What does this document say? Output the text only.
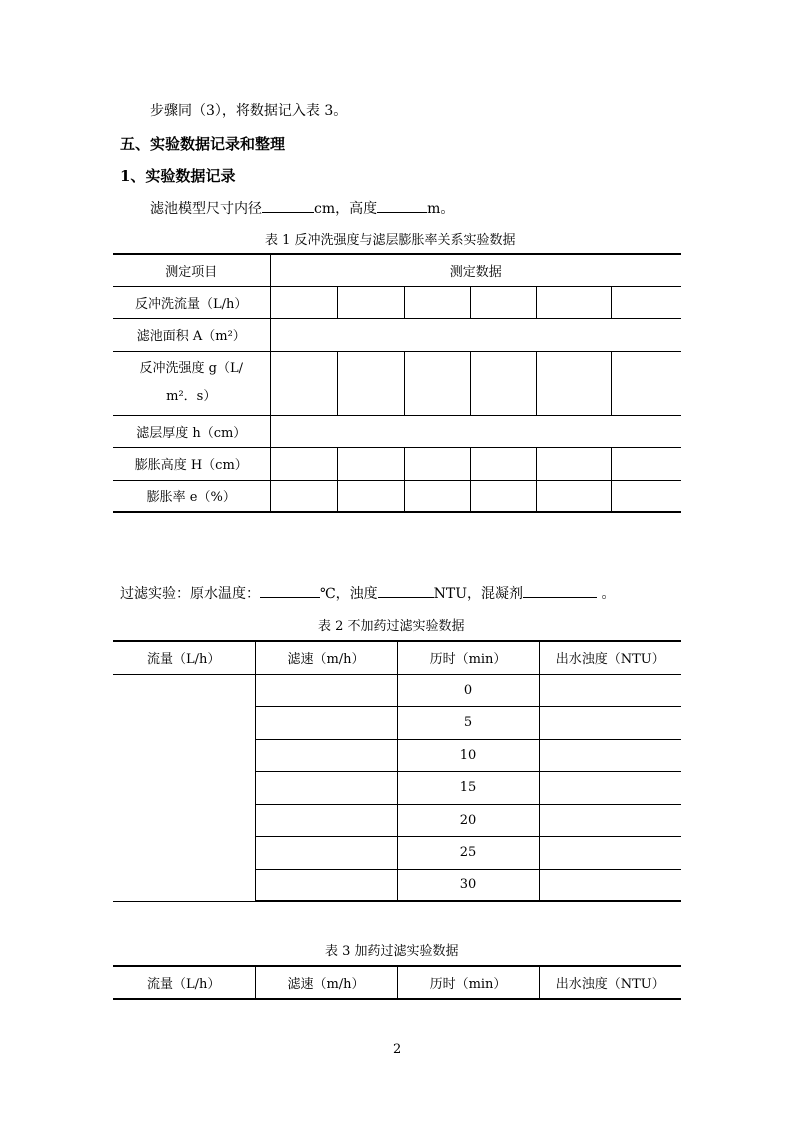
步骤同（3），将数据记入表 3。
五、实验数据记录和整理
1、实验数据记录
滤池模型尺寸内径	cm，高度	m。
表 1 反冲洗强度与滤层膨胀率关系实验数据
测定项目	测定数据					
反冲洗流量（L/h）						
滤池面积 A（m²）						

反冲洗强度 g（L/
m²．s）						

滤层厚度 h（cm）						
膨胀高度 H（cm）						
膨胀率 e（%）						
过滤实验：原水温度：	℃，浊度	NTU，混凝剂	。
表 2 不加药过滤实验数据
流量（L/h）	滤速（m/h）	历时（min）	出水浊度（NTU）
		0	
		5	
		10	
		15	
		20	
		25	
		30	
表 3 加药过滤实验数据
流量（L/h）	滤速（m/h）	历时（min）	出水浊度（NTU）
2
